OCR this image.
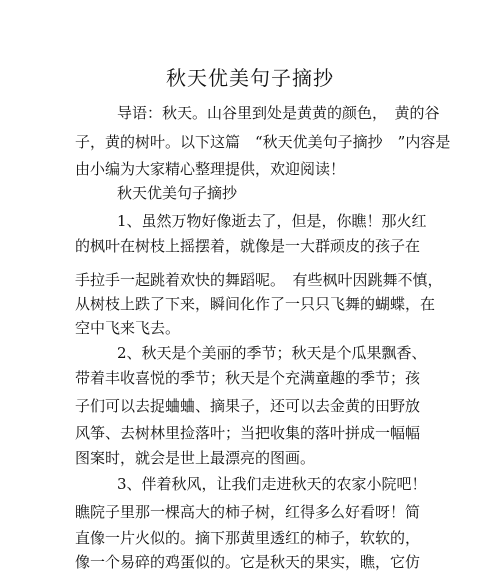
秋天优美句子摘抄
导语：秋天。山谷里到处是黄黄的颜色，　黄的谷
子，黄的树叶。以下这篇　“秋天优美句子摘抄　”内容是
由小编为大家精心整理提供，欢迎阅读！
秋天优美句子摘抄
1、虽然万物好像逝去了，但是，你瞧！那火红
的枫叶在树枝上摇摆着，就像是一大群顽皮的孩子在
手拉手一起跳着欢快的舞蹈呢。　有些枫叶因跳舞不慎，
从树枝上跌了下来，瞬间化作了一只只飞舞的蝴蝶，在
空中飞来飞去。
2、秋天是个美丽的季节；秋天是个瓜果飘香、
带着丰收喜悦的季节；秋天是个充满童趣的季节；孩
子们可以去捉蛐蛐、摘果子，还可以去金黄的田野放
风筝、去树林里捡落叶；当把收集的落叶拼成一幅幅
图案时，就会是世上最漂亮的图画。
3、伴着秋风，让我们走进秋天的农家小院吧！
瞧院子里那一棵高大的柿子树，红得多么好看呀！简
直像一片火似的。摘下那黄里透红的柿子，软软的，
像一个易碎的鸡蛋似的。它是秋天的果实，瞧，它仿
